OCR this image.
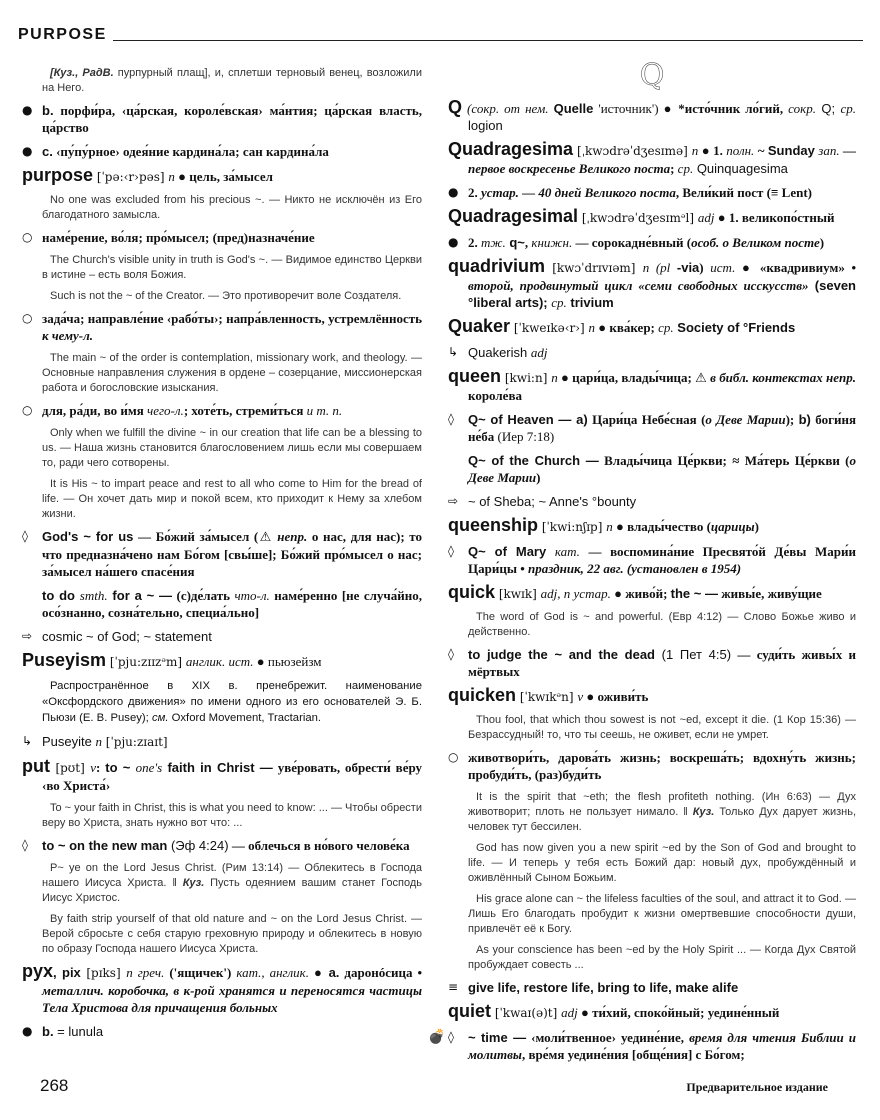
PURPOSE
[Куз., РадВ. пурпурный плащ], и, сплетши терновый венец, возложили на Него.
● b. порфи́ра, ‹ца́рская, короле́вская› ма́нтия; ца́рская власть, ца́рство
● c. ‹пу́пу́рное› одея́ние кардина́ла; сан кардина́ла
purpose [ˈpə:‹r›pəs] n ● цель, за́мысел
No one was excluded from his precious ~. — Никто не исключён из Его благодатного замысла.
○ наме́рение, во́ля; про́мысел; (пред)назначе́ние
The Church's visible unity in truth is God's ~. — Видимое единство Церкви в истине – есть воля Божия.
Such is not the ~ of the Creator. — Это противоречит воле Создателя.
○ зада́ча; направле́ние ‹рабо́ты›; напра́вленность, устремлённость к чему-л.
The main ~ of the order is contemplation, missionary work, and theology. — Основные направления служения в ордене – созерцание, миссионерская работа и богословские изыскания.
○ для, ра́ди, во и́мя чего-л.; хоте́ть, стреми́ться и т. п.
Only when we fulfill the divine ~ in our creation that life can be a blessing to us. — Наша жизнь становится благословением лишь если мы совершаем то, ради чего сотворены.
It is His ~ to impart peace and rest to all who come to Him for the bread of life. — Он хочет дать мир и покой всем, кто приходит к Нему за хлебом жизни.
◊	God's ~ for us — Бо́жий за́мысел (⚠ непр. о нас, для нас); то что предназна́чено нам Бо́гом [свы́ше]; Бо́жий про́мысел о нас; за́мысел на́шего спасе́ния
to do smth. for a ~ — (с)де́лать что-л. наме́ренно [не случа́йно, осо́знанно, созна́тельно, специа́льно]
⇨ cosmic ~ of God; ~ statement
Puseyism [ˈpju:zɪɪzᵊm] англик. ист. ● пьюзейзм
Распространённое в XIX в. пренебрежит. наименование «Оксфордского движения» по имени одного из его основателей Э. Б. Пьюзи (E. B. Pusey); см. Oxford Movement, Tractarian.
↳ Puseyite n [ˈpju:zɪaɪt]
put [pʊt] v: to ~ one's faith in Christ — уве́ровать, обрести́ ве́ру ‹во Христа́›
To ~ your faith in Christ, this is what you need to know: ... — Чтобы обрести веру во Христа, знать нужно вот что: ...
◊	to ~ on the new man (Эф 4:24) — облечься в но́вого челове́ка
P~ ye on the Lord Jesus Christ. (Рим 13:14) — Облекитесь в Господа нашего Иисуса Христа. ‖ Куз. Пусть одеянием вашим станет Господь Иисус Христос.
By faith strip yourself of that old nature and ~ on the Lord Jesus Christ. — Верой сбросьте с себя старую греховную природу и облекитесь в новую по образу Господа нашего Иисуса Христа.
pyx, pix [pɪks] n греч. ('ящичек') кат., англик. ● a. даронóсица • металлич. коробочка, в к-рой хранятся и переносятся частицы Тела Христова для причащения больных
● b. = lunula
Q
Q (сокр. от нем. Quelle 'источник') ● *исто́чник ло́гий, сокр. Q; ср. logion
Quadragesima [ˌkwɔdrəˈdʒesɪmə] n ● 1. полн. ~ Sunday зап. — первое воскресенье Великого поста; ср. Quinquagesima
● 2. устар. — 40 дней Великого поста, Вели́кий пост (≡ Lent)
Quadragesimal [ˌkwɔdrəˈdʒesɪmᵊl] adj ● 1. великопо́стный
● 2. тж. q~, книжн. — сорокадне́вный (особ. о Великом посте)
quadrivium [kwɔˈdrɪvɪəm] n (pl -via) ист. ● «квадривиум» • второй, продвинутый цикл «семи свободных исскусств» (seven °liberal arts); ср. trivium
Quaker [ˈkweɪkə‹r›] n ● ква́кер; ср. Society of °Friends
↳ Quakerish adj
queen [kwi:n] n ● цари́ца, влады́чица; ⚠ в библ. контекстах непр. короле́ва
◊	Q~ of Heaven — a) Цари́ца Небе́сная (о Деве Марии); b) боги́ня не́ба (Иер 7:18)
Q~ of the Church — Влады́чица Це́ркви; ≈ Ма́терь Це́ркви (о Деве Марии)
⇨ ~ of Sheba; ~ Anne's °bounty
queenship [ˈkwi:nʃɪp] n ● влады́чество (царицы)
◊	Q~ of Mary кат. — воспомина́ние Пресвято́й Де́вы Мари́и Цари́цы • праздник, 22 авг. (установлен в 1954)
quick [kwɪk] adj, n устар. ● живо́й; the ~ — живы́е, живу́щие
The word of God is ~ and powerful. (Евр 4:12) — Слово Божье живо и действенно.
◊	to judge the ~ and the dead (1 Пет 4:5) — суди́ть живы́х и мёртвых
quicken [ˈkwɪkᵊn] v ● оживи́ть
Thou fool, that which thou sowest is not ~ed, except it die. (1 Кор 15:36) — Безрассудный! то, что ты сеешь, не оживет, если не умрет.
○ животвори́ть, дарова́ть жизнь; воскреша́ть; вдохну́ть жизнь; пробуди́ть, (раз)буди́ть
It is the spirit that ~eth; the flesh profiteth nothing. (Ин 6:63) — Дух животворит; плоть не пользует нимало. ‖ Куз. Только Дух дарует жизнь, человек тут бессилен.
God has now given you a new spirit ~ed by the Son of God and brought to life. — И теперь у тебя есть Божий дар: новый дух, пробуждённый и оживлённый Сыном Божьим.
His grace alone can ~ the lifeless faculties of the soul, and attract it to God. — Лишь Его благодать пробудит к жизни омертвевшие способности души, привлечёт её к Богу.
As your conscience has been ~ed by the Holy Spirit ... — Когда Дух Святой пробуждает совесть ...
≡ give life, restore life, bring to life, make alife
quiet [ˈkwaɪ(ə)t] adj ● ти́хий, споко́йный; уедине́нный
💣 ◊	~ time — ‹моли́твенное› уедине́ние, время для чтения Библии и молитвы, вре́мя уедине́ния [обще́ния] с Бо́гом;
268	Предварительное издание
